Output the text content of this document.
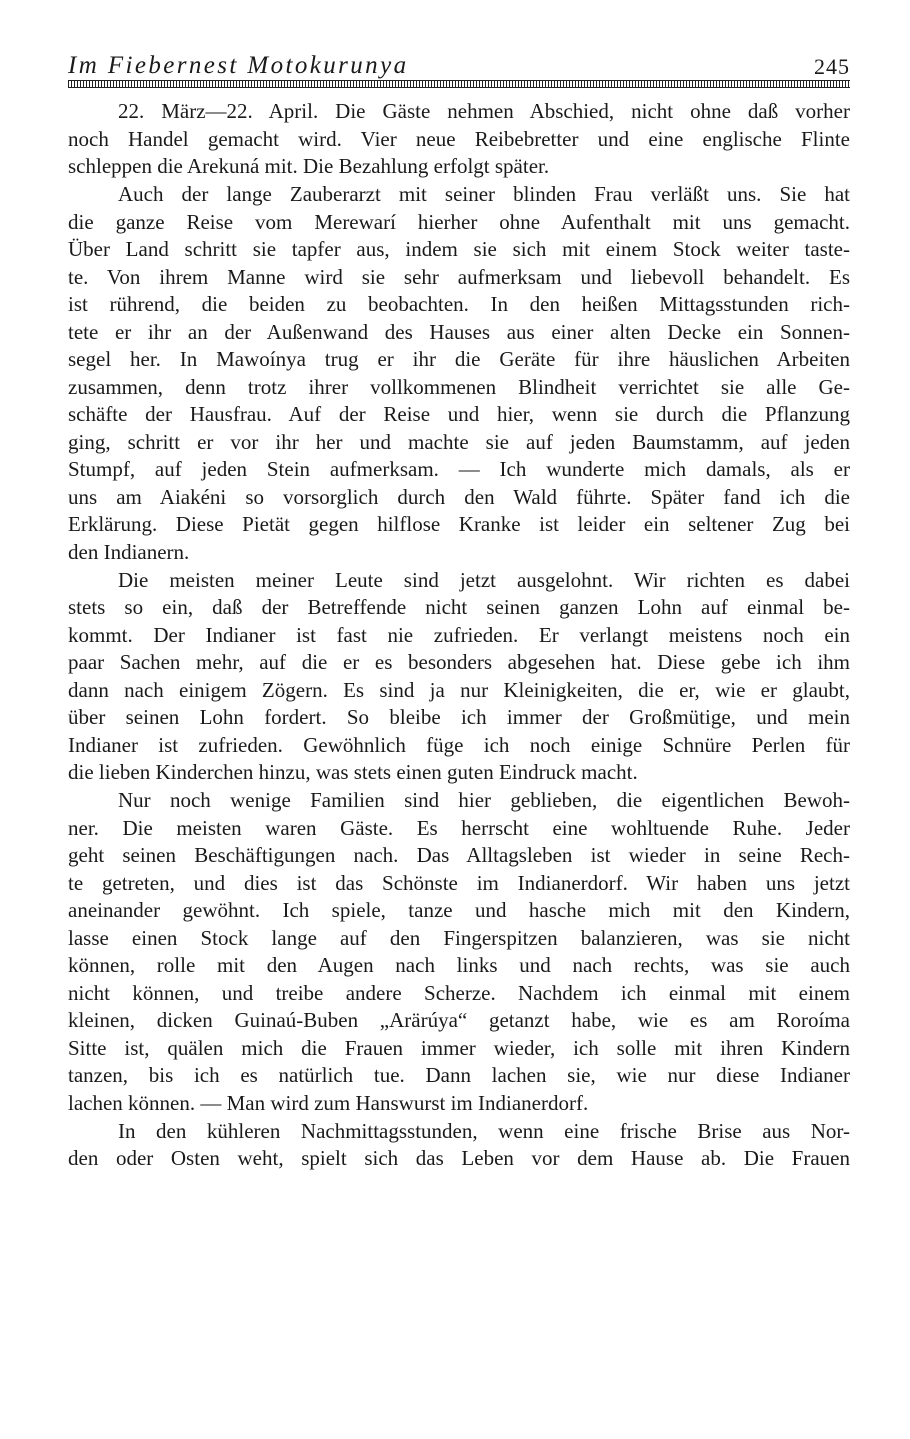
Im Fiebernest Motokurunya	245

22. März—22. April. Die Gäste nehmen Abschied, nicht ohne daß vorher
noch Handel gemacht wird. Vier neue Reibebretter und eine englische Flinte
schleppen die Arekuná mit. Die Bezahlung erfolgt später.

Auch der lange Zauberarzt mit seiner blinden Frau verläßt uns. Sie hat
die ganze Reise vom Merewarí hierher ohne Aufenthalt mit uns gemacht.
Über Land schritt sie tapfer aus, indem sie sich mit einem Stock weiter taste-
te. Von ihrem Manne wird sie sehr aufmerksam und liebevoll behandelt. Es
ist rührend, die beiden zu beobachten. In den heißen Mittagsstunden rich-
tete er ihr an der Außenwand des Hauses aus einer alten Decke ein Sonnen-
segel her. In Mawoínya trug er ihr die Geräte für ihre häuslichen Arbeiten
zusammen, denn trotz ihrer vollkommenen Blindheit verrichtet sie alle Ge-
schäfte der Hausfrau. Auf der Reise und hier, wenn sie durch die Pflanzung
ging, schritt er vor ihr her und machte sie auf jeden Baumstamm, auf jeden
Stumpf, auf jeden Stein aufmerksam. — Ich wunderte mich damals, als er
uns am Aiakéni so vorsorglich durch den Wald führte. Später fand ich die
Erklärung. Diese Pietät gegen hilflose Kranke ist leider ein seltener Zug bei
den Indianern.

Die meisten meiner Leute sind jetzt ausgelohnt. Wir richten es dabei
stets so ein, daß der Betreffende nicht seinen ganzen Lohn auf einmal be-
kommt. Der Indianer ist fast nie zufrieden. Er verlangt meistens noch ein
paar Sachen mehr, auf die er es besonders abgesehen hat. Diese gebe ich ihm
dann nach einigem Zögern. Es sind ja nur Kleinigkeiten, die er, wie er glaubt,
über seinen Lohn fordert. So bleibe ich immer der Großmütige, und mein
Indianer ist zufrieden. Gewöhnlich füge ich noch einige Schnüre Perlen für
die lieben Kinderchen hinzu, was stets einen guten Eindruck macht.

Nur noch wenige Familien sind hier geblieben, die eigentlichen Bewoh-
ner. Die meisten waren Gäste. Es herrscht eine wohltuende Ruhe. Jeder
geht seinen Beschäftigungen nach. Das Alltagsleben ist wieder in seine Rech-
te getreten, und dies ist das Schönste im Indianerdorf. Wir haben uns jetzt
aneinander gewöhnt. Ich spiele, tanze und hasche mich mit den Kindern,
lasse einen Stock lange auf den Fingerspitzen balanzieren, was sie nicht
können, rolle mit den Augen nach links und nach rechts, was sie auch
nicht können, und treibe andere Scherze. Nachdem ich einmal mit einem
kleinen, dicken Guinaú-Buben „Arärúya“ getanzt habe, wie es am Roroíma
Sitte ist, quälen mich die Frauen immer wieder, ich solle mit ihren Kindern
tanzen, bis ich es natürlich tue. Dann lachen sie, wie nur diese Indianer
lachen können. — Man wird zum Hanswurst im Indianerdorf.

In den kühleren Nachmittagsstunden, wenn eine frische Brise aus Nor-
den oder Osten weht, spielt sich das Leben vor dem Hause ab. Die Frauen
